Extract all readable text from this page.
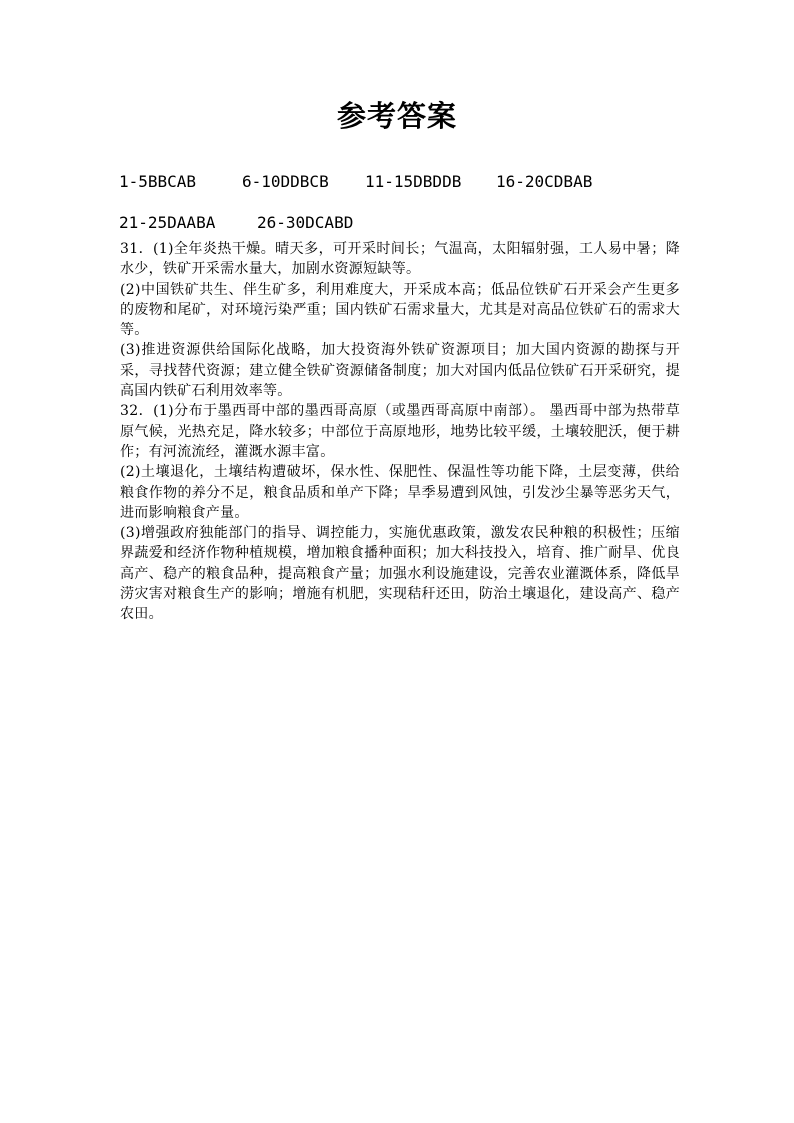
参考答案
1-5BBCAB	6-10DDBCB	11-15DBDDB	16-20CDBAB
21-25DAABA	26-30DCABD

31．(1)全年炎热干燥。晴天多，可开采时间长；气温高，太阳辐射强，工人易中暑；降水少，铁矿开采需水量大，加剧水资源短缺等。

(2)中国铁矿共生、伴生矿多，利用难度大，开采成本高；低品位铁矿石开采会产生更多的废物和尾矿，对环境污染严重；国内铁矿石需求量大，尤其是对高品位铁矿石的需求大等。

(3)推进资源供给国际化战略，加大投资海外铁矿资源项目；加大国内资源的勘探与开采，寻找替代资源；建立健全铁矿资源储备制度；加大对国内低品位铁矿石开采研究，提高国内铁矿石利用效率等。

32．(1)分布于墨西哥中部的墨西哥高原（或墨西哥高原中南部）。 墨西哥中部为热带草原气候，光热充足，降水较多；中部位于高原地形，地势比较平缓，土壤较肥沃，便于耕作；有河流流经，灌溉水源丰富。

(2)土壤退化，土壤结构遭破坏，保水性、保肥性、保温性等功能下降，土层变薄，供给粮食作物的养分不足，粮食品质和单产下降；旱季易遭到风蚀，引发沙尘暴等恶劣天气，进而影响粮食产量。

(3)增强政府独能部门的指导、调控能力，实施优惠政策，激发农民种粮的积极性；压缩界蔬爱和经济作物种植规模，增加粮食播种面积；加大科技投入，培育、推广耐旱、优良 高产、稳产的粮食品种，提高粮食产量；加强水利设施建设，完善农业灌溉体系，降低旱涝灾害对粮食生产的影响；增施有机肥，实现秸秆还田，防治土壤退化，建设高产、稳产农田。
